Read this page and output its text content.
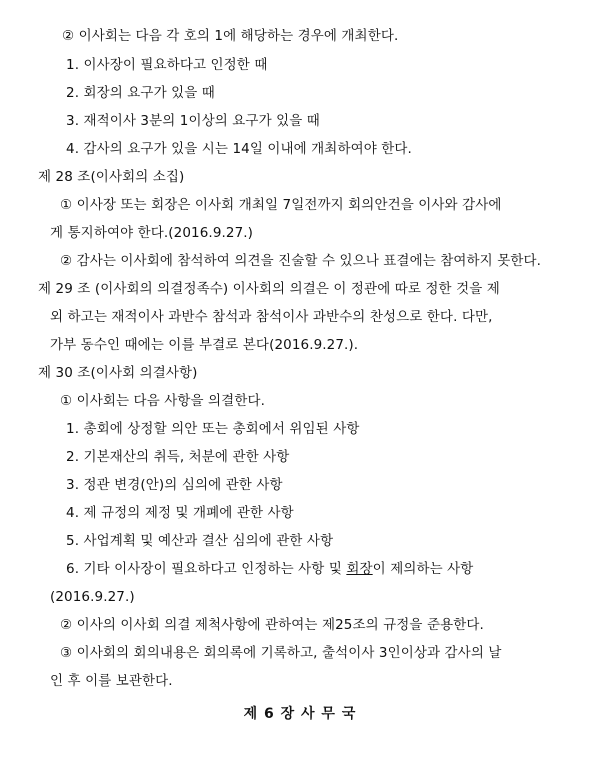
② 이사회는 다음 각 호의 1에 해당하는 경우에 개최한다.
1. 이사장이 필요하다고 인정한 때
2. 회장의 요구가 있을 때
3. 재적이사 3분의 1이상의 요구가 있을 때
4. 감사의 요구가 있을 시는 14일 이내에 개최하여야 한다.
제 28 조(이사회의 소집)
① 이사장 또는 회장은 이사회 개최일 7일전까지 회의안건을 이사와 감사에
게 통지하여야 한다.(2016.9.27.)
② 감사는 이사회에 참석하여 의견을 진술할 수 있으나 표결에는 참여하지 못한다.
제 29 조 (이사회의 의결정족수) 이사회의 의결은 이 정관에 따로 정한 것을 제
외 하고는 재적이사 과반수 참석과 참석이사 과반수의 찬성으로 한다. 다만,
가부 동수인 때에는 이를 부결로 본다(2016.9.27.).
제 30 조(이사회 의결사항)
① 이사회는 다음 사항을 의결한다.
1. 총회에 상정할 의안 또는 총회에서 위임된 사항
2. 기본재산의 취득, 처분에 관한 사항
3. 정관 변경(안)의 심의에 관한 사항
4. 제 규정의 제정 및 개폐에 관한 사항
5. 사업계획 및 예산과 결산 심의에 관한 사항
6. 기타 이사장이 필요하다고 인정하는 사항 및 회장이 제의하는 사항
(2016.9.27.)
② 이사의 이사회 의결 제척사항에 관하여는 제25조의 규정을 준용한다.
③ 이사회의 회의내용은 회의록에 기록하고, 출석이사 3인이상과 감사의 날
인 후 이를 보관한다.
제 6 장 사 무 국
